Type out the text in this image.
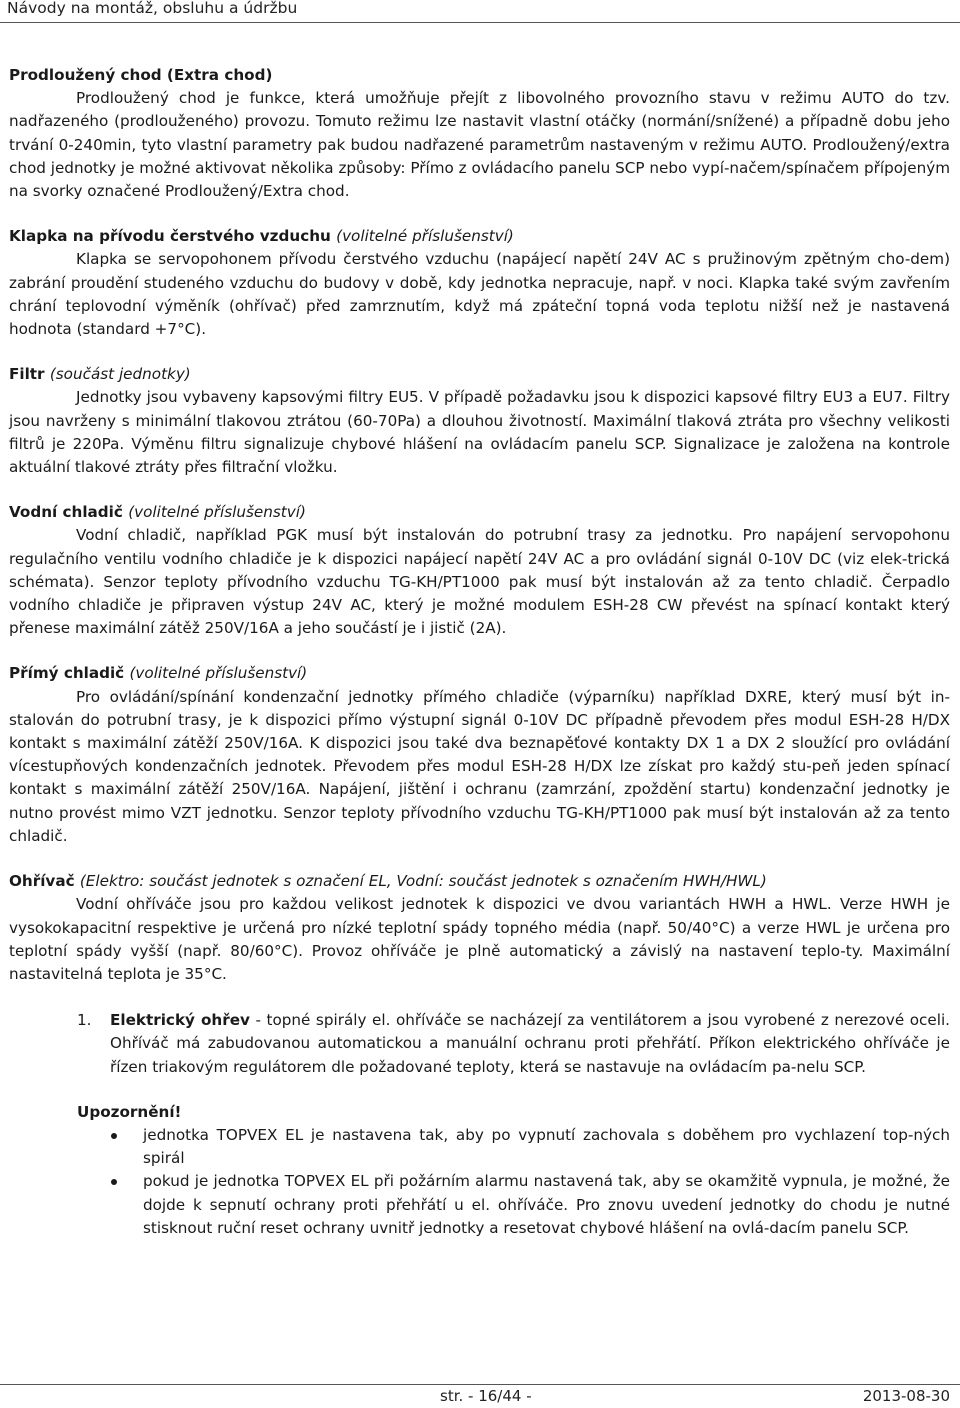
Návody na montáž, obsluhu a údržbu

Prodloužený chod (Extra chod)

Prodloužený chod je funkce, která umožňuje přejít z libovolného provozního stavu v režimu AUTO do tzv. nadřazeného (prodlouženého) provozu. Tomuto režimu lze nastavit vlastní otáčky (normání/snížené) a případně dobu jeho trvání 0-240min, tyto vlastní parametry pak budou nadřazené parametrům nastaveným v režimu AUTO. Prodloužený/extra chod jednotky je možné aktivovat několika způsoby: Přímo z ovládacího panelu SCP nebo vypí-načem/spínačem přípojeným na svorky označené Prodloužený/Extra chod.

Klapka na přívodu čerstvého vzduchu (volitelné příslušenství)

Klapka se servopohonem přívodu čerstvého vzduchu (napájecí napětí 24V AC s pružinovým zpětným cho-dem) zabrání proudění studeného vzduchu do budovy v době, kdy jednotka nepracuje, např. v noci. Klapka také svým zavřením chrání teplovodní výměník (ohřívač) před zamrznutím, když má zpáteční topná voda teplotu nižší než je nastavená hodnota (standard +7°C).

Filtr (součást jednotky)

Jednotky jsou vybaveny kapsovými filtry EU5. V případě požadavku jsou k dispozici kapsové filtry EU3 a EU7. Filtry jsou navrženy s minimální tlakovou ztrátou (60-70Pa) a dlouhou životností. Maximální tlaková ztráta pro všechny velikosti filtrů je 220Pa. Výměnu filtru signalizuje chybové hlášení na ovládacím panelu SCP. Signalizace je založena na kontrole aktuální tlakové ztráty přes filtrační vložku.

Vodní chladič (volitelné příslušenství)

Vodní chladič, například PGK musí být instalován do potrubní trasy za jednotku. Pro napájení servopohonu regulačního ventilu vodního chladiče je k dispozici napájecí napětí 24V AC a pro ovládání signál 0-10V DC (viz elek-trická schémata). Senzor teploty přívodního vzduchu TG-KH/PT1000 pak musí být instalován až za tento chladič. Čerpadlo vodního chladiče je připraven výstup 24V AC, který je možné modulem ESH-28 CW převést na spínací kontakt který přenese maximální zátěž 250V/16A a jeho součástí je i jistič (2A).

Přímý chladič (volitelné příslušenství)

Pro ovládání/spínání kondenzační jednotky přímého chladiče (výparníku) například DXRE, který musí být in-stalován do potrubní trasy, je k dispozici přímo výstupní signál 0-10V DC případně převodem přes modul ESH-28 H/DX kontakt s maximální zátěží 250V/16A. K dispozici jsou také dva beznapěťové kontakty DX 1 a DX 2 sloužící pro ovládání vícestupňových kondenzačních jednotek. Převodem přes modul ESH-28 H/DX lze získat pro každý stu-peň jeden spínací kontakt s maximální zátěží 250V/16A. Napájení, jištění i ochranu (zamrzání, zpoždění startu) kondenzační jednotky je nutno provést mimo VZT jednotku. Senzor teploty přívodního vzduchu TG-KH/PT1000 pak musí být instalován až za tento chladič.

Ohřívač (Elektro: součást jednotek s označení EL, Vodní: součást jednotek s označením HWH/HWL)

Vodní ohříváče jsou pro každou velikost jednotek k dispozici ve dvou variantách HWH a HWL. Verze HWH je vysokokapacitní respektive je určená pro nízké teplotní spády topného média (např. 50/40°C) a verze HWL je určena pro teplotní spády vyšší (např. 80/60°C). Provoz ohříváče je plně automatický a závislý na nastavení teplo-ty. Maximální nastavitelná teplota je 35°C.

1. Elektrický ohřev - topné spirály el. ohříváče se nacházejí za ventilátorem a jsou vyrobené z nerezové oceli. Ohříváč má zabudovanou automatickou a manuální ochranu proti přehřátí. Příkon elektrického ohříváče je řízen triakovým regulátorem dle požadované teploty, která se nastavuje na ovládacím pa-nelu SCP.
Upozornění!
jednotka TOPVEX EL je nastavena tak, aby po vypnutí zachovala s doběhem pro vychlazení top-ných spirál
pokud je jednotka TOPVEX EL při požárním alarmu nastavená tak, aby se okamžitě vypnula, je možné, že dojde k sepnutí ochrany proti přehřátí u el. ohříváče. Pro znovu uvedení jednotky do chodu je nutné stisknout ruční reset ochrany uvnitř jednotky a resetovat chybové hlášení na ovlá-dacím panelu SCP.
str. - 16/44 -	2013-08-30
